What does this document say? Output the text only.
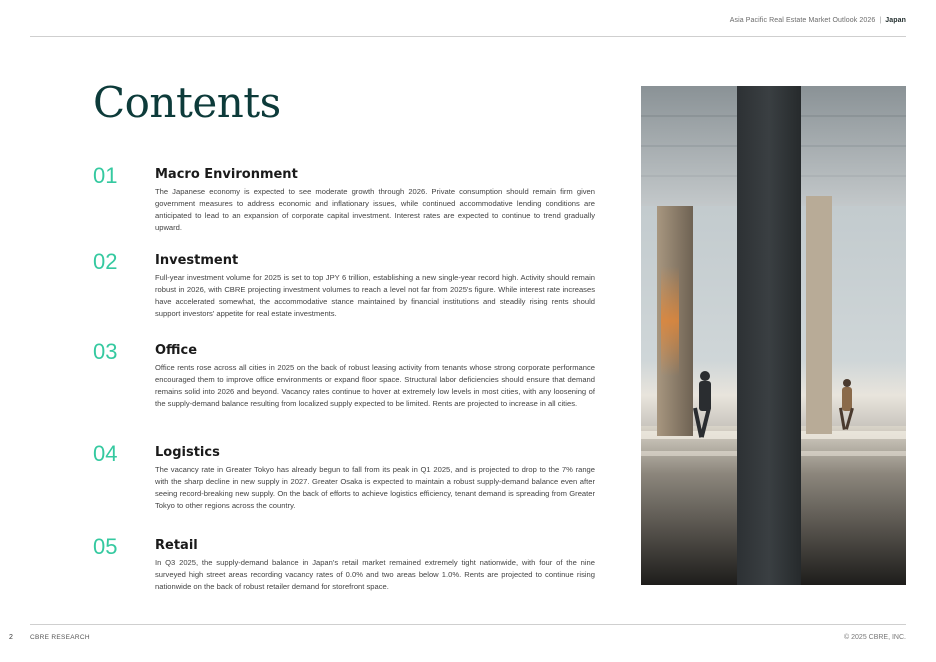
Asia Pacific Real Estate Market Outlook 2026 | Japan
Contents
01	Macro Environment
The Japanese economy is expected to see moderate growth through 2026. Private consumption should remain firm given government measures to address economic and inflationary issues, while continued accommodative lending conditions are anticipated to lead to an expansion of corporate capital investment. Interest rates are expected to continue to trend gradually upward.
02	Investment
Full-year investment volume for 2025 is set to top JPY 6 trillion, establishing a new single-year record high. Activity should remain robust in 2026, with CBRE projecting investment volumes to reach a level not far from 2025's figure. While interest rate increases have accelerated somewhat, the accommodative stance maintained by financial institutions and steadily rising rents should support investors' appetite for real estate investments.
03	Office
Office rents rose across all cities in 2025 on the back of robust leasing activity from tenants whose strong corporate performance encouraged them to improve office environments or expand floor space. Structural labor deficiencies should ensure that demand remains solid into 2026 and beyond. Vacancy rates continue to hover at extremely low levels in most cities, with any loosening of the supply-demand balance resulting from localized supply expected to be limited. Rents are projected to increase in all cities.
04	Logistics
The vacancy rate in Greater Tokyo has already begun to fall from its peak in Q1 2025, and is projected to drop to the 7% range with the sharp decline in new supply in 2027. Greater Osaka is expected to maintain a robust supply-demand balance even after seeing record-breaking new supply. On the back of efforts to achieve logistics efficiency, tenant demand is spreading from Greater Tokyo to other regions across the country.
05	Retail
In Q3 2025, the supply-demand balance in Japan's retail market remained extremely tight nationwide, with four of the nine surveyed high street areas recording vacancy rates of 0.0% and two areas below 1.0%. Rents are projected to continue rising nationwide on the back of robust retailer demand for storefront space.
2	CBRE RESEARCH	© 2025 CBRE, INC.
